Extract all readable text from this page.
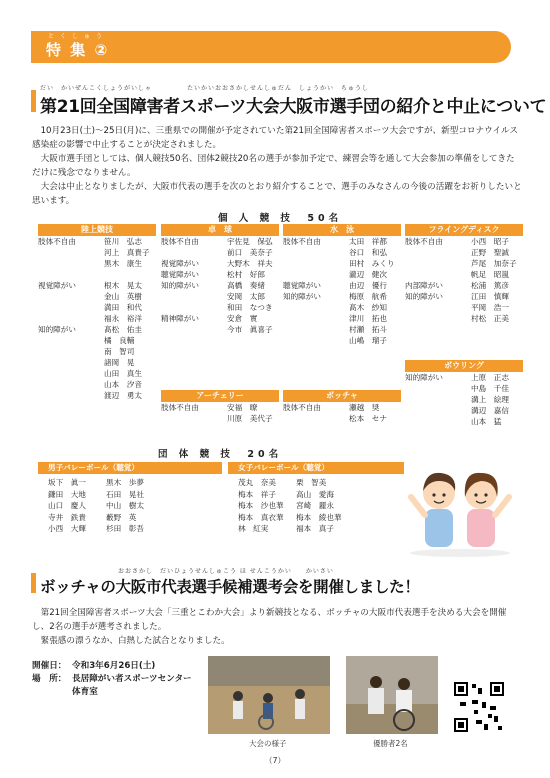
とくしゅう
特 集 ②
だい　かいぜんこくしょうがいしゃ　　　　　たいかいおおさかしせんしゅだん　しょうかい　ちゅうし
第21回全国障害者スポーツ大会大阪市選手団の紹介と中止について

10月23日(土)～25日(月)に、三重県での開催が予定されていた第21回全国障害者スポーツ大会ですが、新型コロナウイルス感染症の影響で中止することが決定されました。

大阪市選手団としては、個人競技50名、団体2競技20名の選手が参加予定で、練習会等を通して大会参加の準備をしてきただけに残念でなりません。

大会は中止となりましたが、大阪市代表の選手を次のとおり紹介することで、選手のみなさんの今後の活躍をお祈りしたいと思います。

個 人 競 技　50名
陸上競技
肢体不自由	笹川　弘志
河上　真貴子
黒木　康生
視覚障がい	根木　晃太
金山　英樹
満田　和代
福永　裕洋
知的障がい	髙松　佑圭
橘　良輔
南　智司
諸岡　晃
山田　真生
山本　汐音
渡辺　勇太
卓　球
肢体不自由	宇佐見　保弘
前口　美奈子
視覚障がい	大野木　祥夫
聴覚障がい	松村　好郎
知的障がい	高橋　奏緒
安岡　太郎
和田　なつき
精神障がい	安倉　實
今市　眞喜子
水　泳
肢体不自由	太田　祥都
谷口　和弘
田村　みくり
瀧辺　健次
聴覚障がい	由辺　優行
知的障がい	梅原　航希
髙木　紗知
津川　拓也
村瀬　拓斗
山嶋　瑠子
フライングディスク
肢体不自由	小西　昭子
正野　聖誠
芦尾　加奈子
帆足　昭嵐
内部障がい	松浦　篤彦
知的障がい	江田　慎輝
平岡　浩一
村松　正美
ボウリング
知的障がい	上原　正志
中島　千佳
溝上　絵理
溝辺　嘉信
山本　猛
アーチェリー
肢体不自由	安福　暸
川原　美代子
ボッチャ
肢体不自由	瀬越　奨
松本　セナ
団 体 競 技　20名
男子バレーボール（聴覚）
坂下　眞一	黒木　歩夢
鎌田　大地	石田　晃社
山口　慶人	中山　樹太
寺井　鉄貴	藪野　英
小西　大輝	杉田　彰吾
女子バレーボール（聴覚）
茂丸　奈美	栗　智美
梅本　祥子	高山　愛海
梅本　沙也華	宮崎　麗永
梅本　真衣華	梅本　綾也華
林　紅実	福本　真子
おおさかし　だいひょうせんしゅこう ほ せんこうかい　　かいさい
ボッチャの大阪市代表選手候補選考会を開催しました！

第21回全国障害者スポーツ大会「三重とこわか大会」より新競技となる、ボッチャの大阪市代表選手を決める大会を開催し、2名の選手が選考されました。

緊張感の漂うなか、白熱した試合となりました。

開催日： 令和3年6月26日(土)
場　所： 長居障がい者スポーツセンター
体育室
大会の様子	優勝者2名
（7）
